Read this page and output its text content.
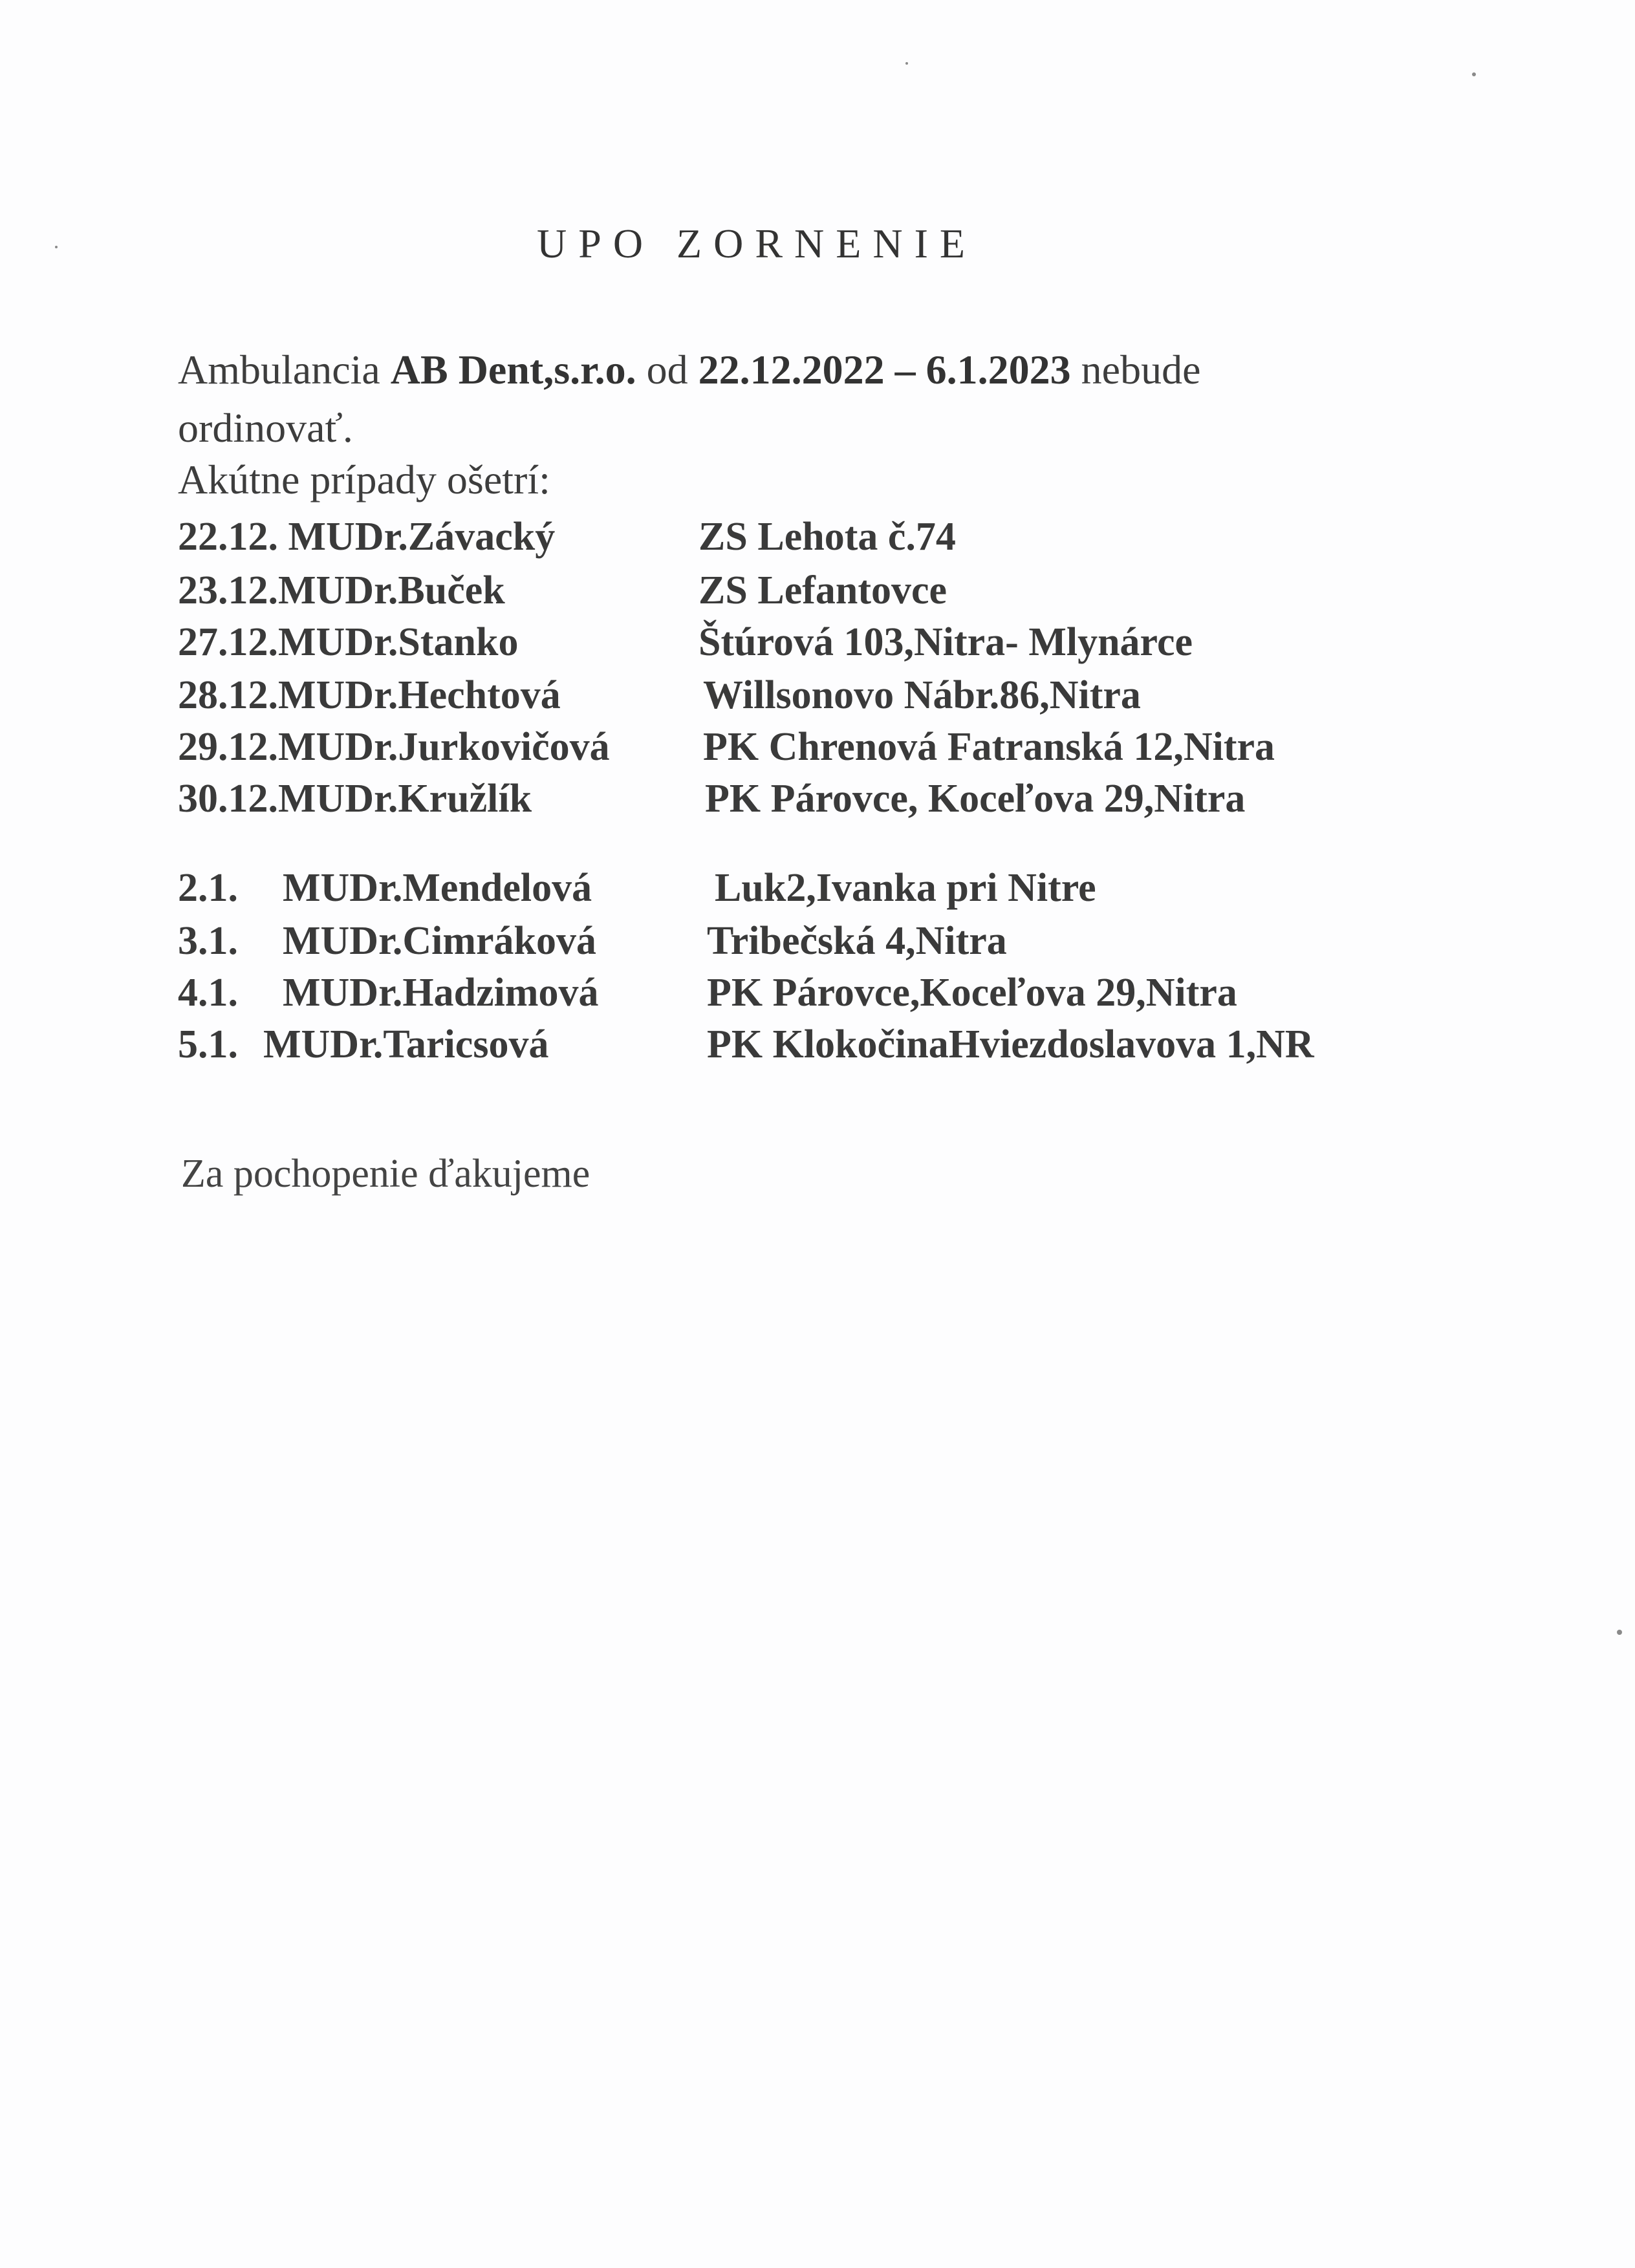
UPO ZORNENIE
Ambulancia AB Dent,s.r.o. od 22.12.2022 – 6.1.2023 nebude
ordinovať.
Akútne prípady ošetrí:
22.12. MUDr.Závacký	ZS Lehota č.74
23.12.MUDr.Buček	ZS Lefantovce
27.12.MUDr.Stanko	Štúrová 103,Nitra- Mlynárce
28.12.MUDr.Hechtová	Willsonovo Nábr.86,Nitra
29.12.MUDr.Jurkovičová PK Chrenová Fatranská 12,Nitra
30.12.MUDr.Kružlík	PK Párovce, Koceľova 29,Nitra
2.1. MUDr.Mendelová	Luk2,Ivanka pri Nitre
3.1. MUDr.Cimráková	Tribečská 4,Nitra
4.1. MUDr.Hadzimová	PK Párovce,Koceľova 29,Nitra
5.1. MUDr.Taricsová	PK KlokočinaHviezdoslavova 1,NR
Za pochopenie ďakujeme
